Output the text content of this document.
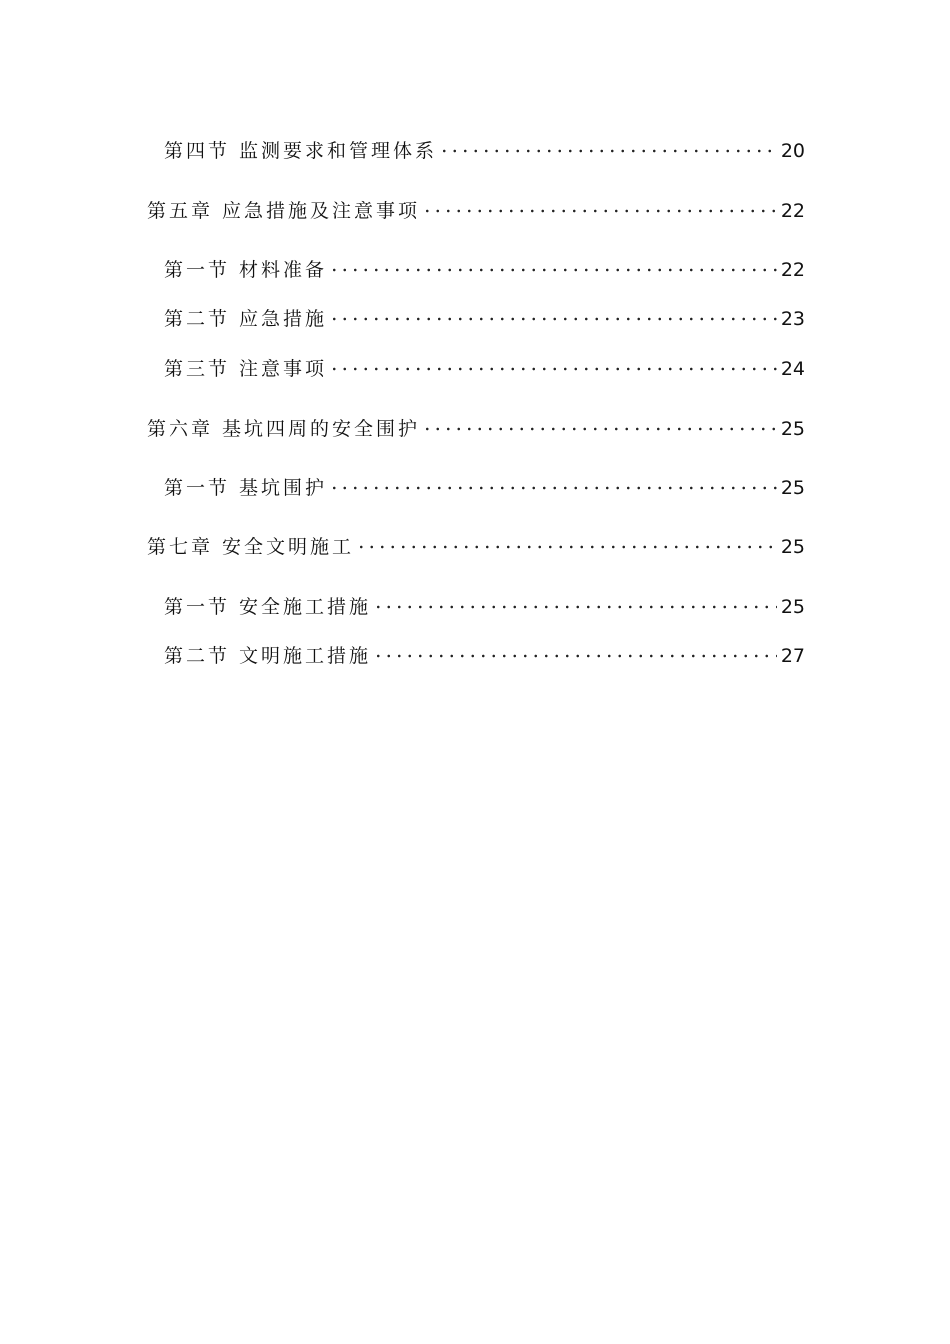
第四节 监测要求和管理体系	20
第五章 应急措施及注意事项	22
第一节 材料准备	22
第二节 应急措施	23
第三节 注意事项	24
第六章 基坑四周的安全围护	25
第一节 基坑围护	25
第七章 安全文明施工	25
第一节 安全施工措施	25
第二节 文明施工措施	27
